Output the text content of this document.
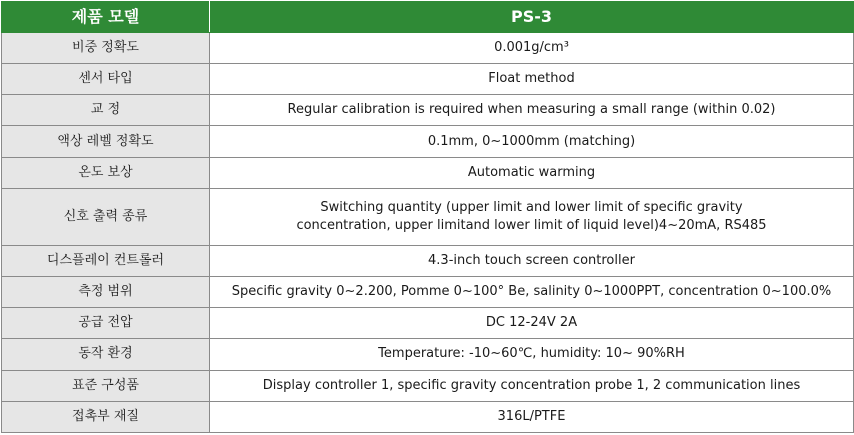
제품 모델	PS-3
비중 정확도	0.001g/cm³
센서 타입	Float method
교 정	Regular calibration is required when measuring a small range (within 0.02)
액상 레벨 정확도	0.1mm, 0~1000mm (matching)
온도 보상	Automatic warming
신호 출력 종류	Switching quantity (upper limit and lower limit of specific gravity
concentration, upper limitand lower limit of liquid level)4~20mA, RS485

디스플레이 컨트롤러	4.3-inch touch screen controller
측정 범위	Specific gravity 0~2.200, Pomme 0~100° Be, salinity 0~1000PPT, concentration 0~100.0%
공급 전압	DC 12-24V 2A
동작 환경	Temperature: -10~60℃, humidity: 10~ 90%RH
표준 구성품	Display controller 1, specific gravity concentration probe 1, 2 communication lines
접촉부 재질	316L/PTFE
